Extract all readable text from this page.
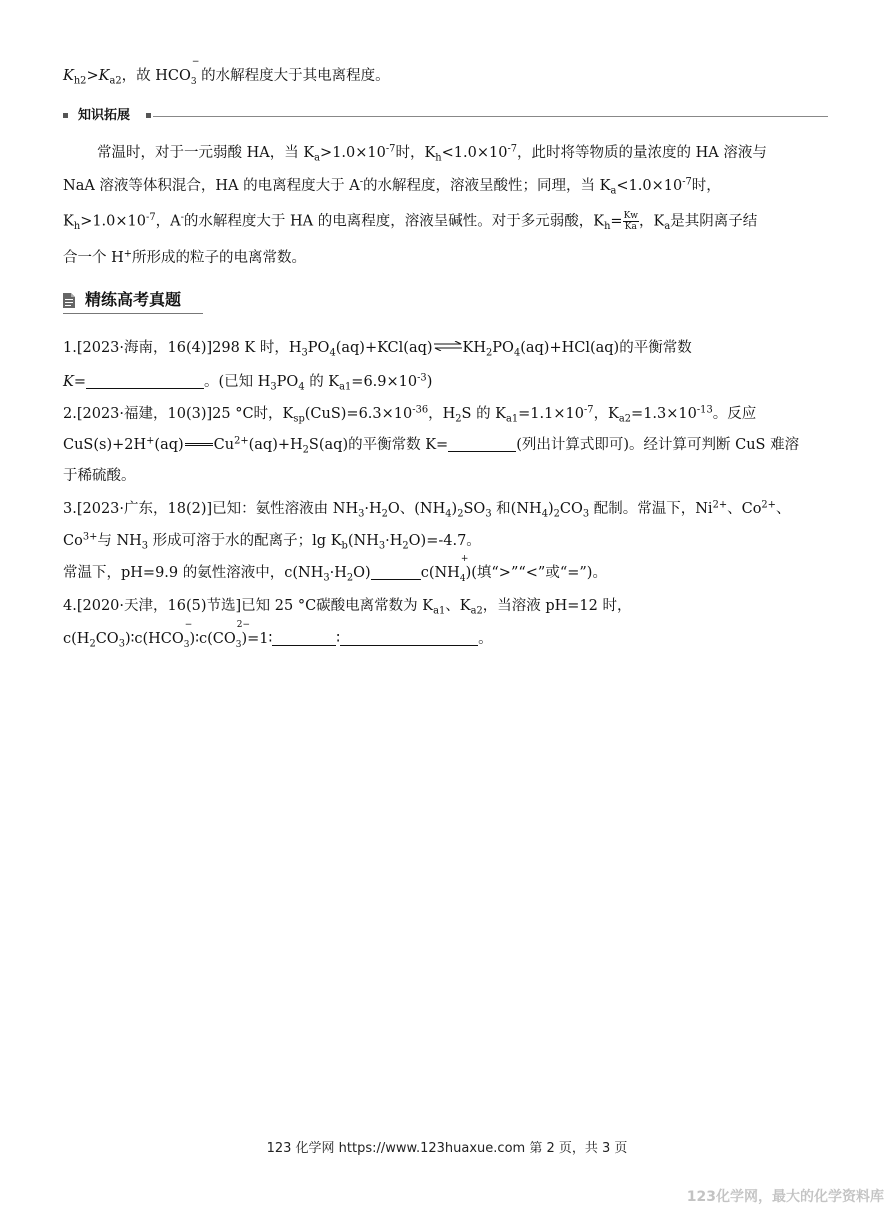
$K_{h2}>K_{a2}$，故 HCO
−
$_3$ 的水解程度大于其电离程度。
知识拓展
常温时，对于一元弱酸 HA，当 $K_a>1.0\times 10^{-7}$时，$K_h<1.0\times 10^{-7}$，此时将等物质的量浓度的 HA 溶液与
NaA 溶液等体积混合，HA 的电离程度大于 A-的水解程度，溶液呈酸性；同理，当 $K_a<1.0\times 10^{-7}$时，
$K_h>1.0\times 10^{-7}$，A-的水解程度大于 HA 的电离程度，溶液呈碱性。对于多元弱酸，$K_h= \frac{Kw}{Ka}$ ，$K_a$是其阴离子结
合一个 H+所形成的粒子的电离常数。
精练高考真题
1.[2023·海南，16(4)]298 K 时，$H_3PO_4(aq)+KCl(aq)\rightleftharpoons KH_2PO_4(aq)+HCl(aq)$的平衡常数
K=	。(已知 $H_3PO_4$ 的 $K_{a1}=6.9\times 10^{-3}$)
2.[2023·福建，10(3)]25 °C时，$K_{sp}(CuS)=6.3\times 10^{-36}$，$H_2S$ 的 $K_{a1}=1.1\times 10^{-7}$，$K_{a2}=1.3\times 10^{-13}$。反应
CuS(s)+2H+(aq) $Cu^{2+}(aq)+H_2S(aq)$的平衡常数 K=	(列出计算式即可)。经计算可判断 CuS 难溶
于稀硫酸。
3.[2023·广东，18(2)]已知：氨性溶液由 $NH_3\cdot H_2O$、$(NH_4)_2SO_3$ 和$(NH_4)_2CO_3$ 配制。常温下，$Ni^{2+}$、$Co^{2+}$、
$Co^{3+}$与 $NH_3$ 形成可溶于水的配离子；$\lg K_b(NH_3\cdot H_2O)=-4.7$。
常温下，pH=9.9 的氨性溶液中，$c(NH_3\cdot H_2O)$	c(NH
+
$_4$)(填“>”“<”或“=”)。
4.[2020·天津，16(5)节选]已知 25 °C碳酸电离常数为 $K_{a1}$、$K_{a2}$，当溶液 pH=12 时，
$c(H_2CO_3)∶c(HCO$
−
$_3$)∶c(CO
2−
$_3$)=1∶	∶	。
123 化学网 https://www.123huaxue.com 第 2 页，共 3 页
123化学网，最大的化学资料库
